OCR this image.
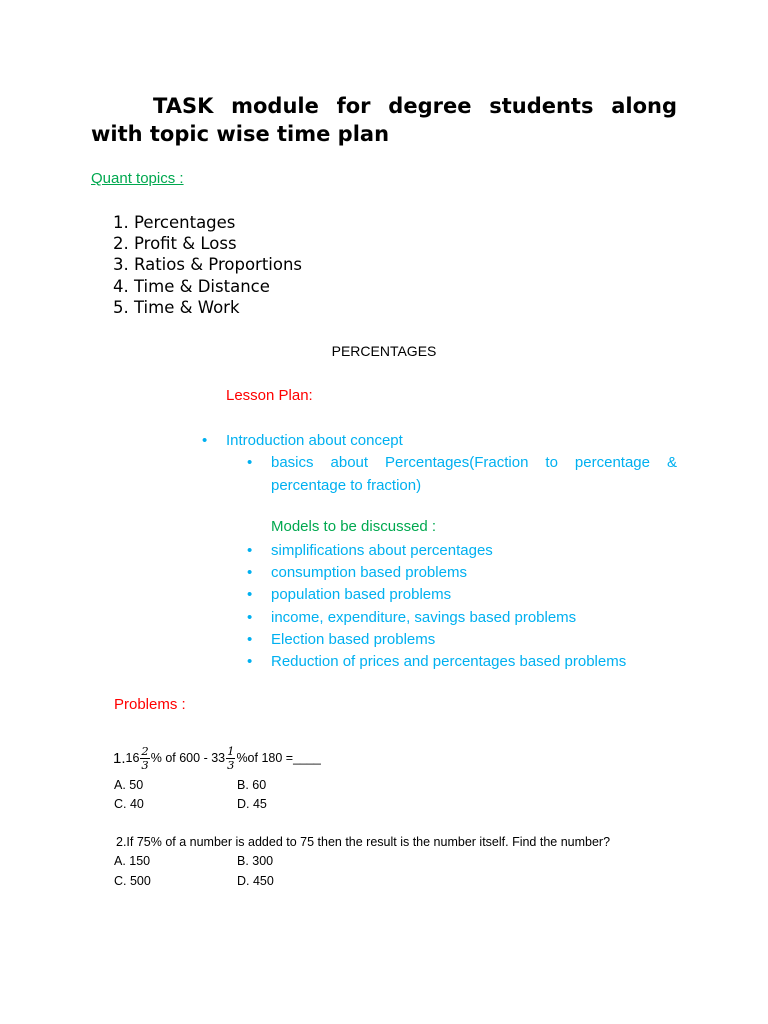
TASK module for degree students along with topic wise time plan
Quant topics :
1. Percentages
2. Profit & Loss
3. Ratios & Proportions
4. Time & Distance
5. Time & Work
PERCENTAGES
Lesson Plan:
• Introduction about concept
• basics about Percentages(Fraction to percentage & percentage to fraction)
Models to be discussed :
• simplifications about percentages
• consumption based problems
• population based problems
• income, expenditure, savings based problems
• Election based problems
• Reduction of prices and percentages based problems
Problems :
1. $16 \frac{2}{3}$ % of $600 - 33 \frac{1}{3} \%of$ 180 =____
A. 50	B. 60
C. 40	D. 45
2.If 75% of a number is added to 75 then the result is the number itself. Find the number?
A. 150	B. 300
C. 500	D. 450
